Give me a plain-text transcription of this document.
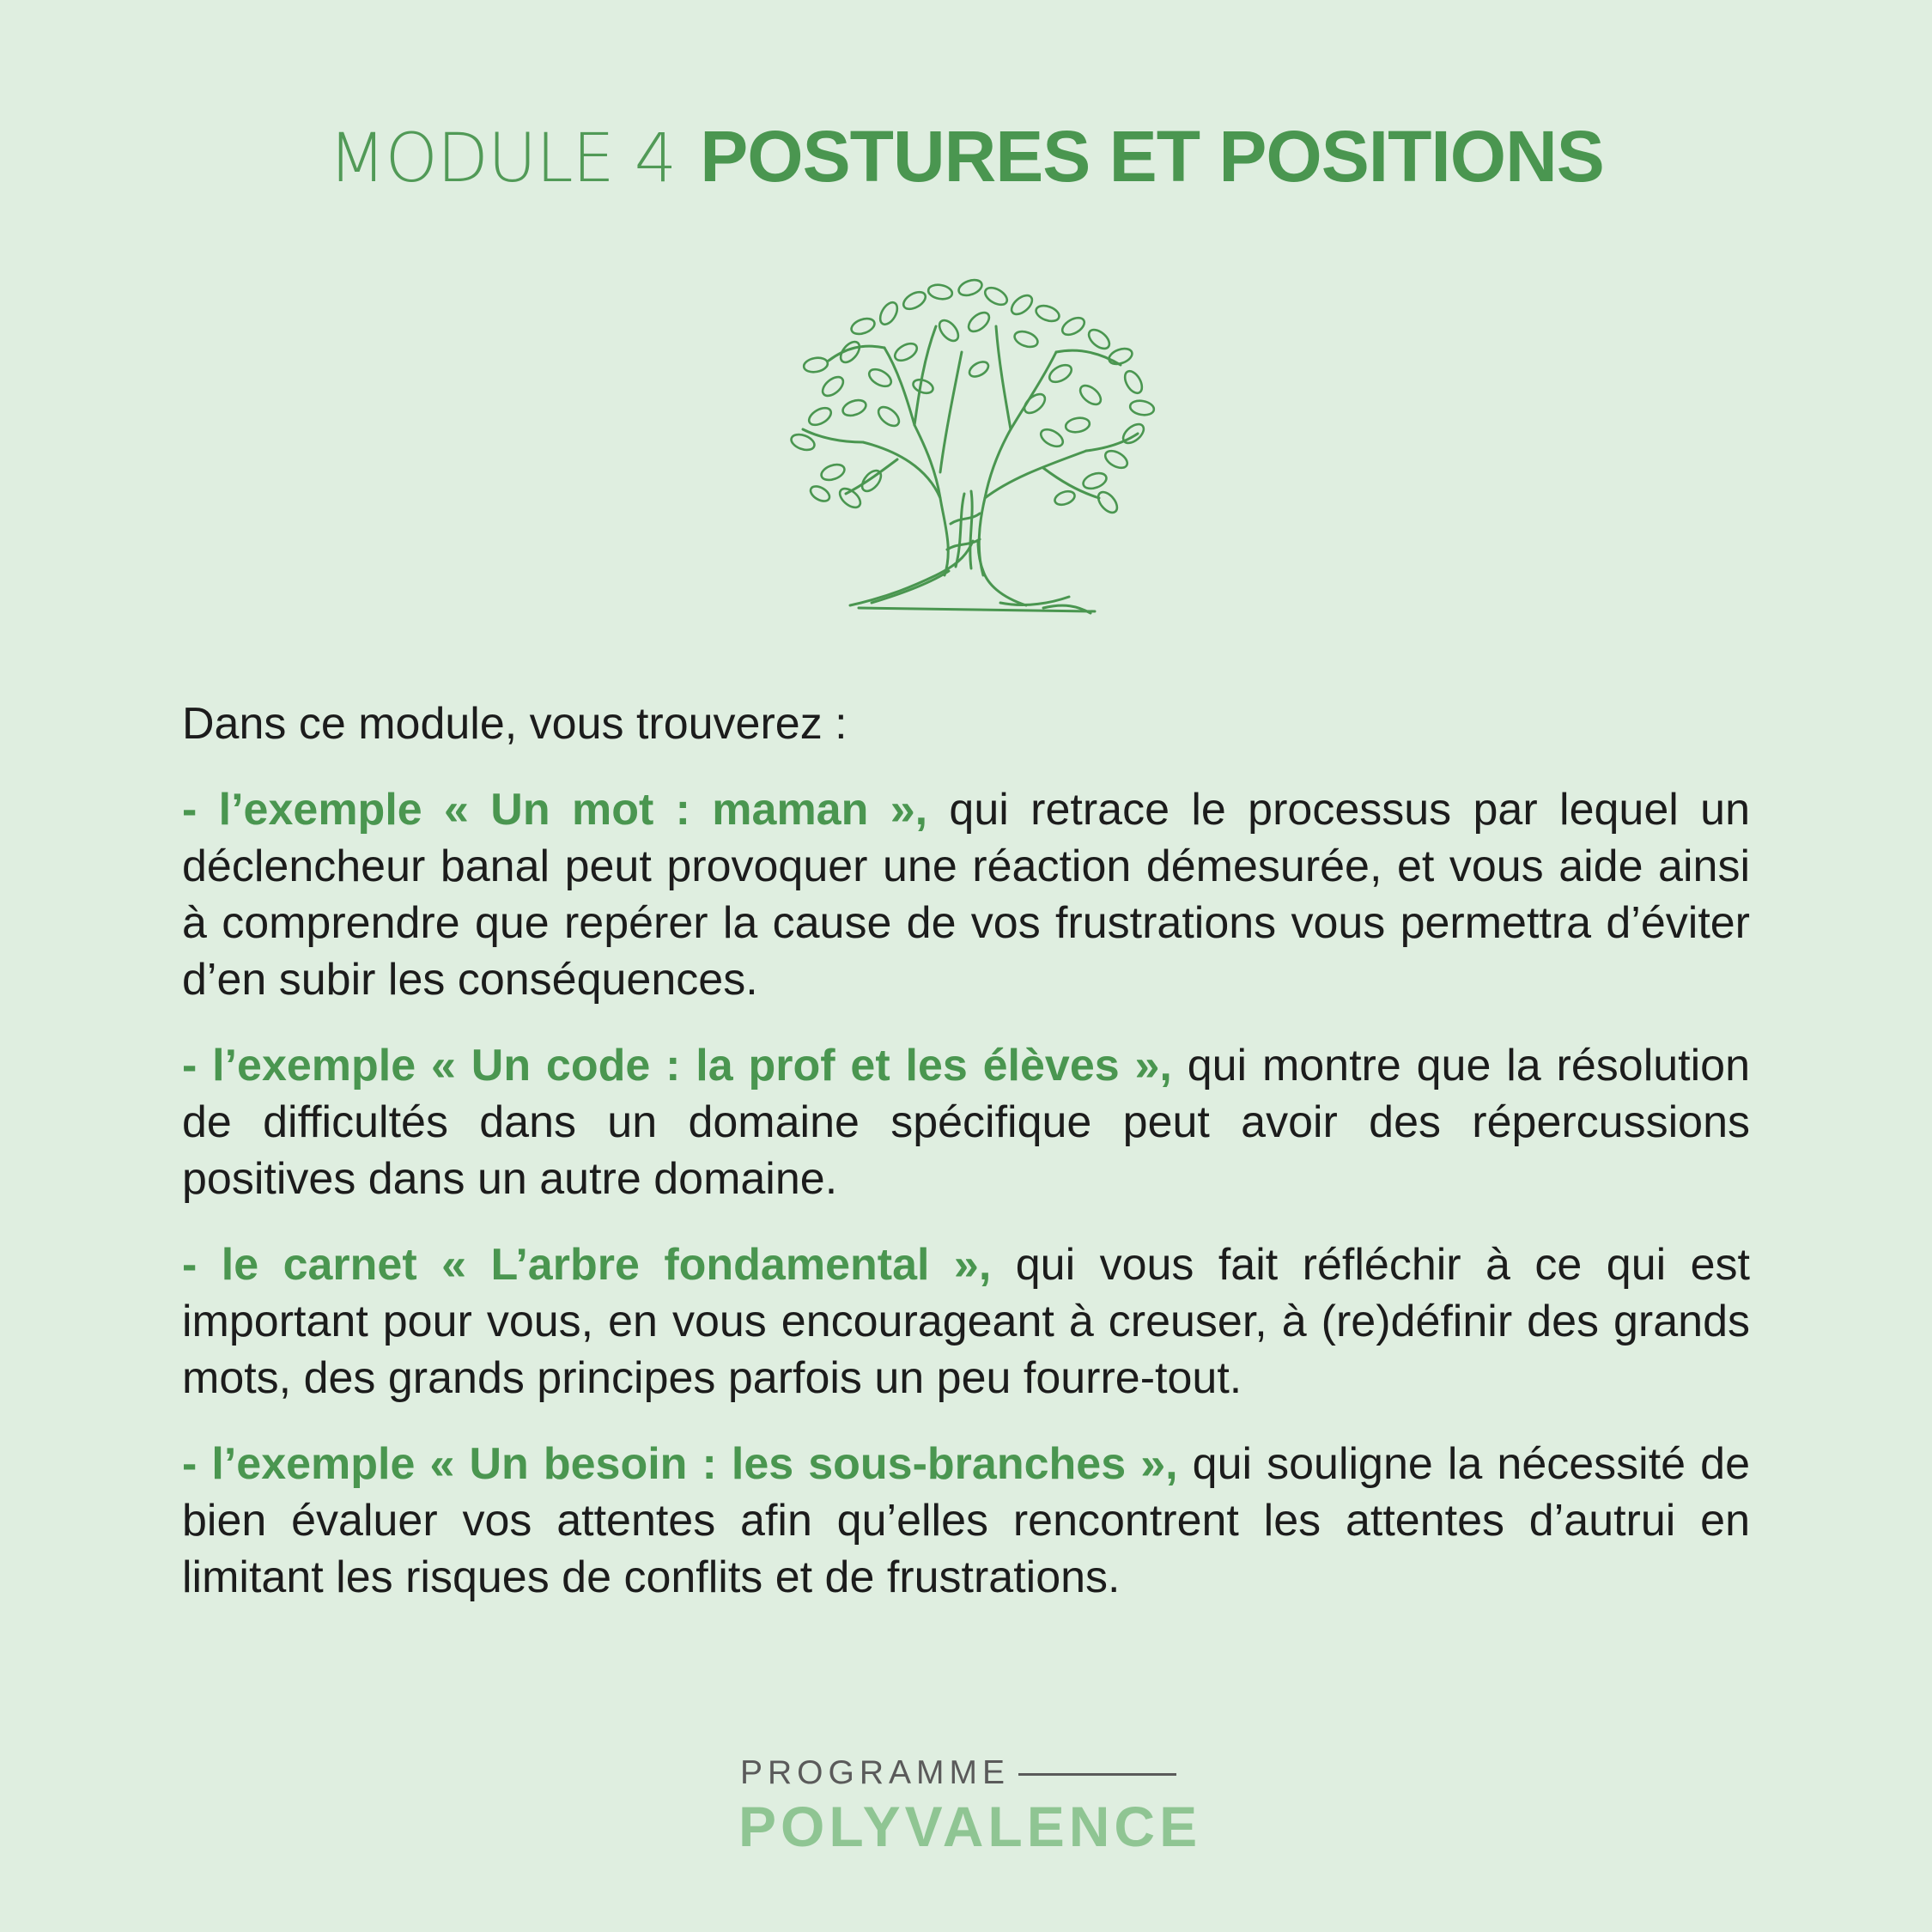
MODULE 4 POSTURES ET POSITIONS

Dans ce module, vous trouverez :

- l’exemple « Un mot : maman », qui retrace le processus par lequel un déclencheur banal peut provoquer une réaction démesurée, et vous aide ainsi à comprendre que repérer la cause de vos frustrations vous permettra d’éviter d’en subir les conséquences.

- l’exemple « Un code : la prof et les élèves », qui montre que la résolution de difficultés dans un domaine spécifique peut avoir des répercussions positives dans un autre domaine.

- le carnet « L’arbre fondamental », qui vous fait réfléchir à ce qui est important pour vous, en vous encourageant à creuser, à (re)définir des grands mots, des grands principes parfois un peu fourre-tout.

- l’exemple « Un besoin : les sous-branches », qui souligne la nécessité de bien évaluer vos attentes afin qu’elles rencontrent les attentes d’autrui en limitant les risques de conflits et de frustrations.

PROGRAMME
POLYVALENCE
